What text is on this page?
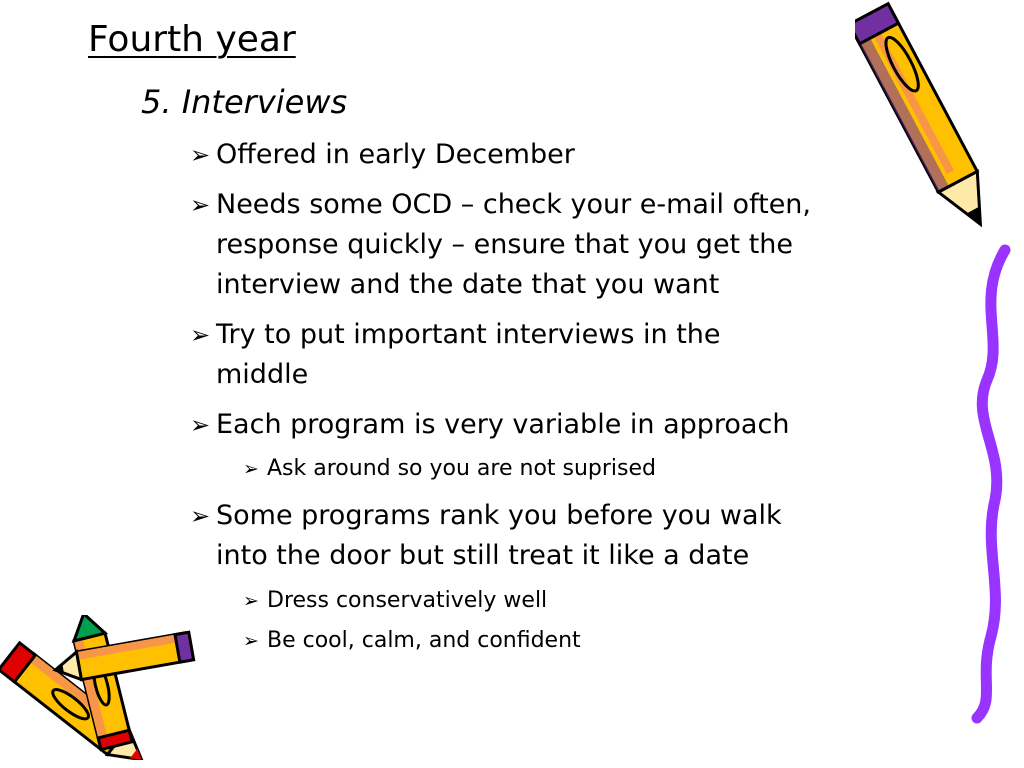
Fourth year
5. Interviews
➢ Offered in early December
➢ Needs some OCD – check your e-mail often,
response quickly – ensure that you get the
interview and the date that you want
➢ Try to put important interviews in the
middle
➢ Each program is very variable in approach
➢ Ask around so you are not suprised
➢ Some programs rank you before you walk
into the door but still treat it like a date
➢ Dress conservatively well
➢ Be cool, calm, and confident
